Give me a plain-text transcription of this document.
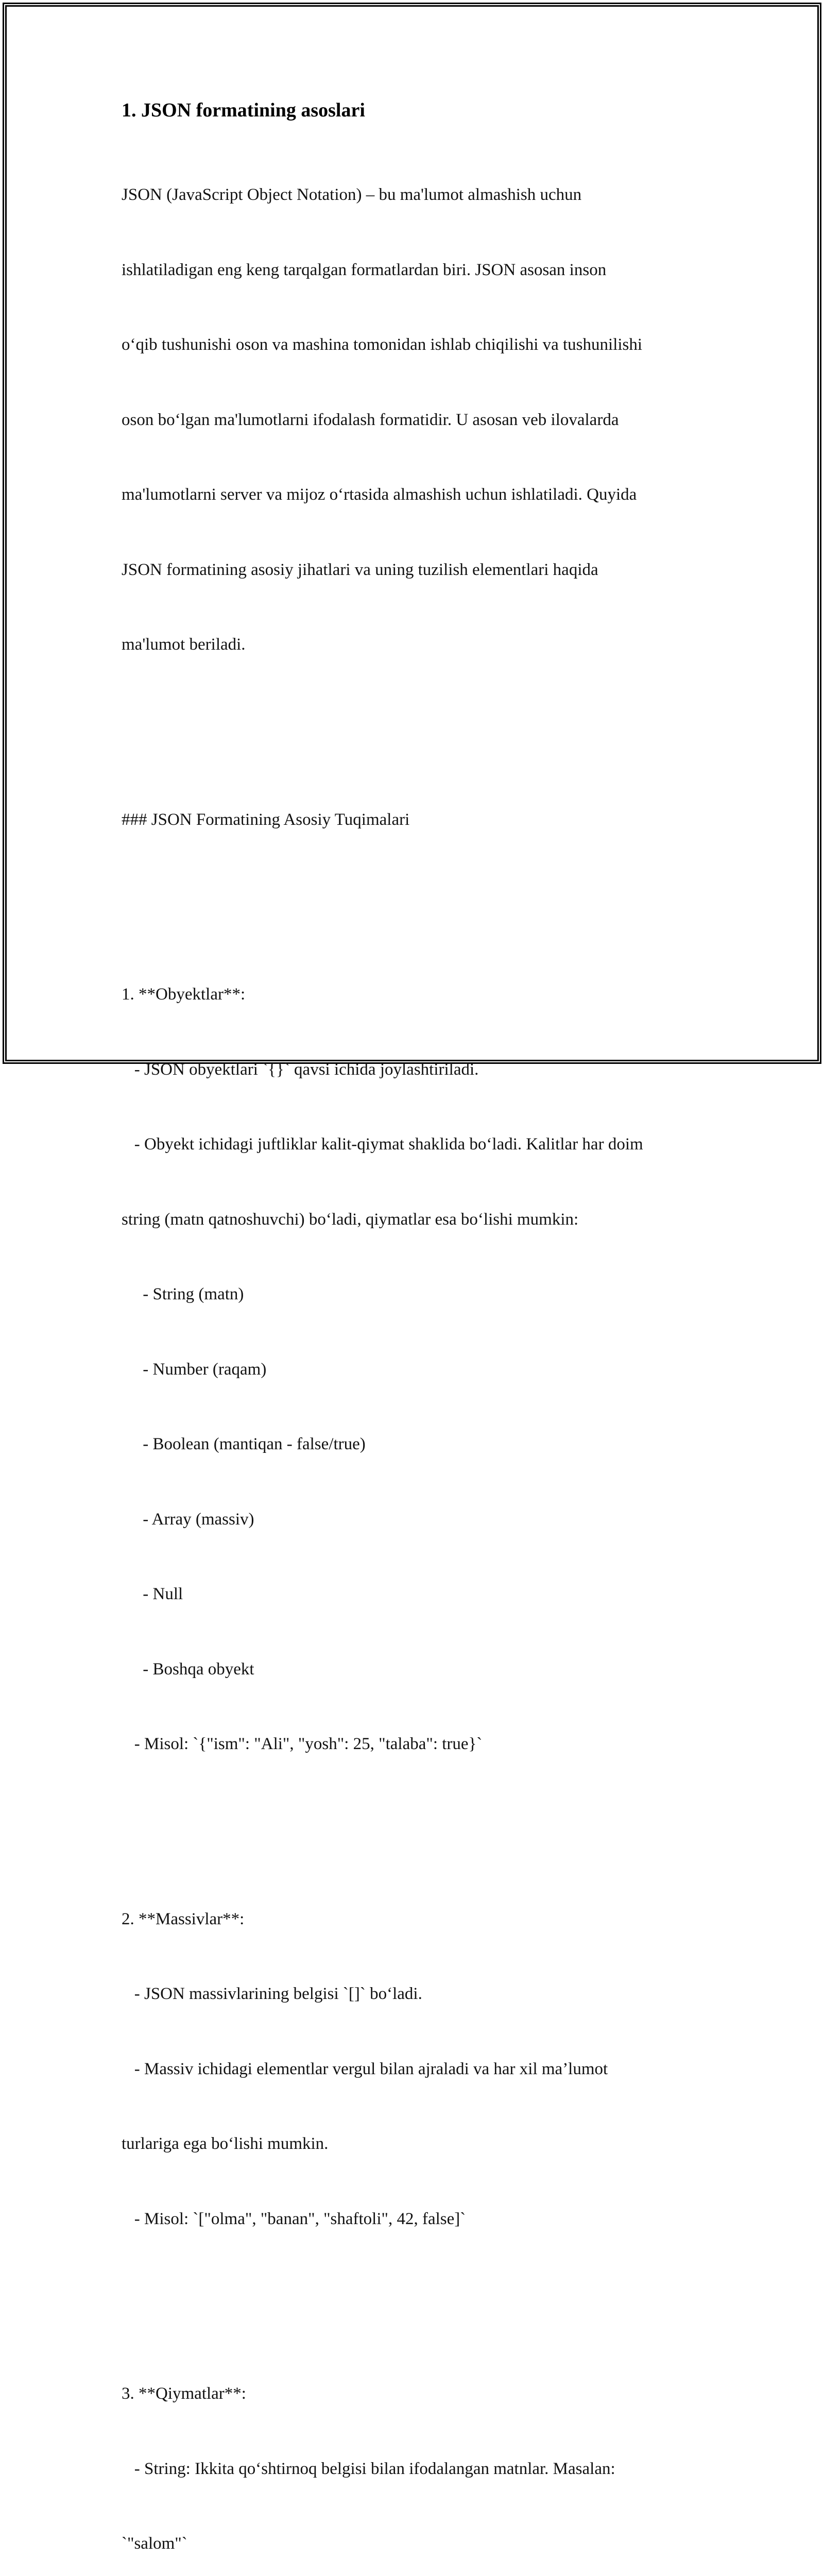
1. JSON formatining asoslari

JSON (JavaScript Object Notation) – bu ma'lumot almashish uchun

ishlatiladigan eng keng tarqalgan formatlardan biri. JSON asosan inson

o‘qib tushunishi oson va mashina tomonidan ishlab chiqilishi va tushunilishi

oson bo‘lgan ma'lumotlarni ifodalash formatidir. U asosan veb ilovalarda

ma'lumotlarni server va mijoz o‘rtasida almashish uchun ishlatiladi. Quyida

JSON formatining asosiy jihatlari va uning tuzilish elementlari haqida

ma'lumot beriladi.

### JSON Formatining Asosiy Tuqimalari

1. **Obyektlar**:

- JSON obyektlari `{}` qavsi ichida joylashtiriladi.

- Obyekt ichidagi juftliklar kalit-qiymat shaklida bo‘ladi. Kalitlar har doim

string (matn qatnoshuvchi) bo‘ladi, qiymatlar esa bo‘lishi mumkin:

- String (matn)

- Number (raqam)

- Boolean (mantiqan - false/true)

- Array (massiv)

- Null

- Boshqa obyekt

- Misol: `{"ism": "Ali", "yosh": 25, "talaba": true}`

2. **Massivlar**:

- JSON massivlarining belgisi `[]` bo‘ladi.

- Massiv ichidagi elementlar vergul bilan ajraladi va har xil ma’lumot

turlariga ega bo‘lishi mumkin.

- Misol: `["olma", "banan", "shaftoli", 42, false]`

3. **Qiymatlar**:

- String: Ikkita qo‘shtirnoq belgisi bilan ifodalangan matnlar. Masalan:

`"salom"`
